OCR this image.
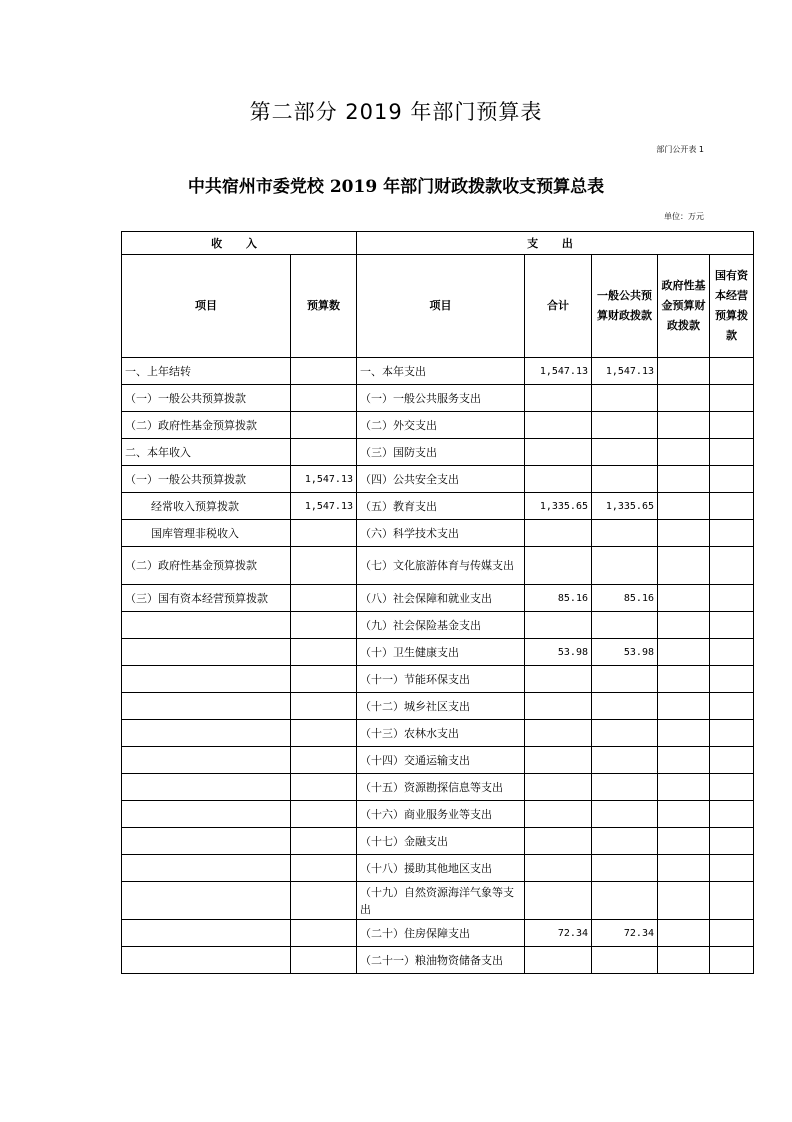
第二部分 2019 年部门预算表
部门公开表 1
中共宿州市委党校 2019 年部门财政拨款收支预算总表
单位：万元
收 入		支 出				
项目	预算数	项目	合计	一般公共预算财政拨款	政府性基金预算财政拨款	国有资本经营预算拨款
一、上年结转		一、本年支出	1,547.13	1,547.13		
（一）一般公共预算拨款		（一）一般公共服务支出				
（二）政府性基金预算拨款		（二）外交支出				
二、本年收入		（三）国防支出				
（一）一般公共预算拨款	1,547.13	（四）公共安全支出				
经常收入预算拨款	1,547.13	（五）教育支出	1,335.65	1,335.65		
国库管理非税收入		（六）科学技术支出				
（二）政府性基金预算拨款		（七）文化旅游体育与传媒支出				
（三）国有资本经营预算拨款		（八）社会保障和就业支出	85.16	85.16		
		（九）社会保险基金支出				
		（十）卫生健康支出	53.98	53.98		
		（十一）节能环保支出				
		（十二）城乡社区支出				
		（十三）农林水支出				
		（十四）交通运输支出				
		（十五）资源勘探信息等支出				
		（十六）商业服务业等支出				
		（十七）金融支出				
		（十八）援助其他地区支出				
		（十九）自然资源海洋气象等支出				
		（二十）住房保障支出	72.34	72.34		
		（二十一）粮油物资储备支出				
